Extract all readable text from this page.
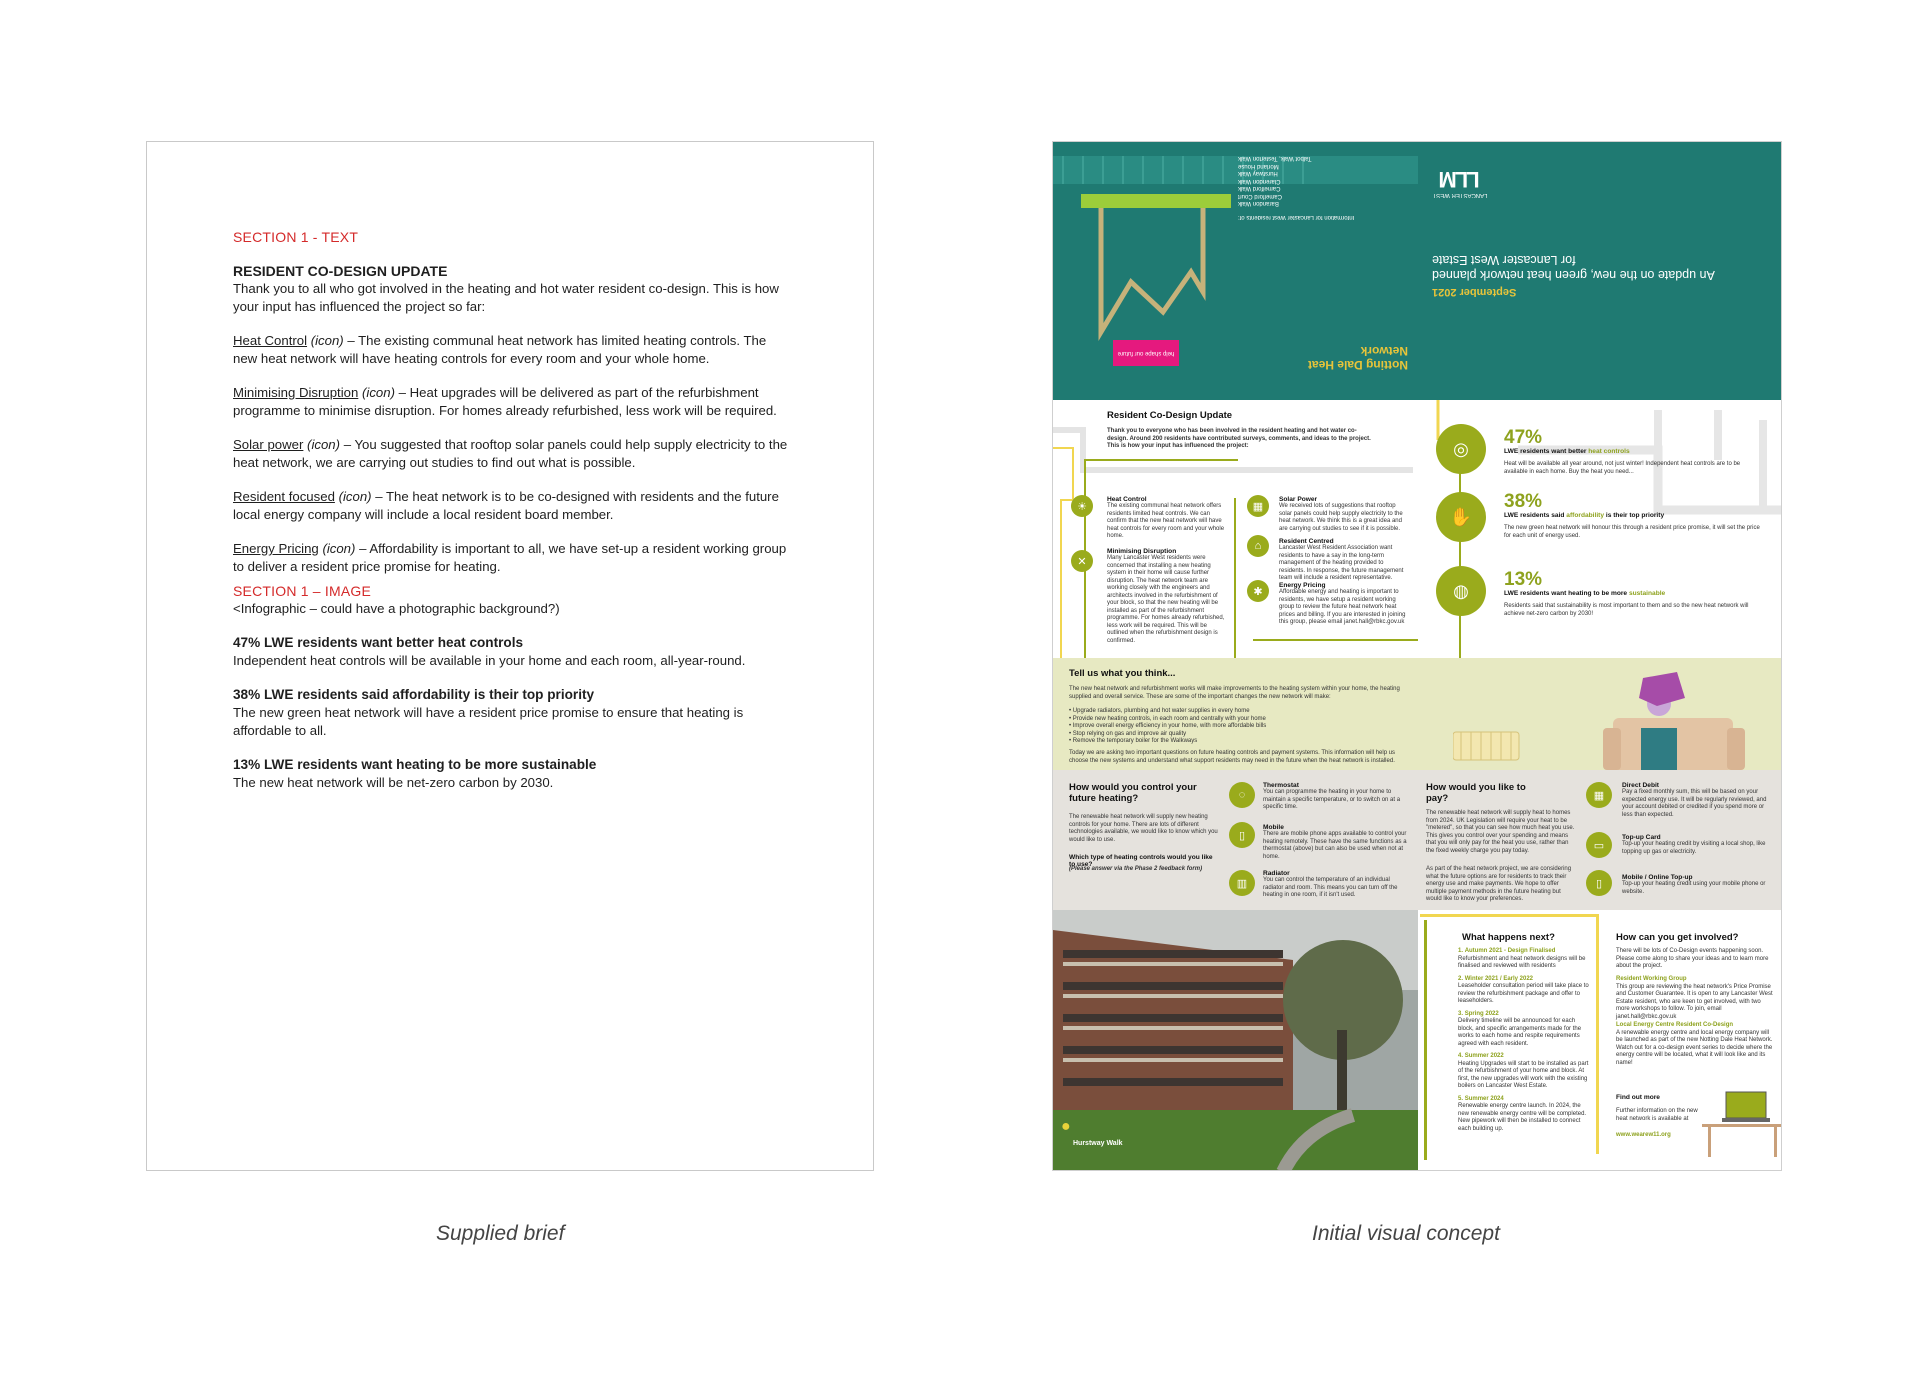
SECTION 1 - TEXT
RESIDENT CO-DESIGN UPDATE
Thank you to all who got involved in the heating and hot water resident co-design. This is how your input has influenced the project so far:
Heat Control (icon) – The existing communal heat network has limited heating controls. The new heat network will have heating controls for every room and your whole home.
Minimising Disruption (icon) – Heat upgrades will be delivered as part of the refurbishment programme to minimise disruption. For homes already refurbished, less work will be required.
Solar power (icon) – You suggested that rooftop solar panels could help supply electricity to the heat network, we are carrying out studies to find out what is possible.
Resident focused (icon) – The heat network is to be co-designed with residents and the future local energy company will include a local resident board member.
Energy Pricing (icon) – Affordability is important to all, we have set-up a resident working group to deliver a resident price promise for heating.
SECTION 1 – IMAGE
<Infographic – could have a photographic background?)
47% LWE residents want better heat controls
Independent heat controls will be available in your home and each room, all-year-round.
38% LWE residents said affordability is their top priority
The new green heat network will have a resident price promise to ensure that heating is affordable to all.
13% LWE residents want heating to be more sustainable
The new heat network will be net-zero carbon by 2030.
Information for Lancaster West residents of:
Barandon Walk
Camelford Court
Camelford Walk
Clarendon Walk
Hurstway Walk
Morland House
Talbot Walk, Testerton Walk
Notting Dale Heat Network
help shape our future
September 2021
An update on the new, green heat network planned for Lancaster West Estate
LANCASTER WEST
LLM
Resident Co-Design Update
Thank you to everyone who has been involved in the resident heating and hot water co-design. Around 200 residents have contributed surveys, comments, and ideas to the project. This is how your input has influenced the project:
☀
Heat Control
The existing communal heat network offers residents limited heat controls. We can confirm that the new heat network will have heat controls for every room and your whole home.
✕
Minimising Disruption
Many Lancaster West residents were concerned that installing a new heating system in their home will cause further disruption. The heat network team are working closely with the engineers and architects involved in the refurbishment of your block, so that the new heating will be installed as part of the refurbishment programme. For homes already refurbished, less work will be required. This will be outlined when the refurbishment design is confirmed.
▦
Solar Power
We received lots of suggestions that rooftop solar panels could help supply electricity to the heat network. We think this is a great idea and are carrying out studies to see if it is possible.
⌂	Resident Centred
Lancaster West Resident Association want residents to have a say in the long-term management of the heating provided to residents. In response, the future management team will include a resident representative.
✱	Energy Pricing
Affordable energy and heating is important to residents, we have setup a resident working group to review the future heat network heat prices and billing. If you are interested in joining this group, please email janet.hall@rbkc.gov.uk
◎
47%
LWE residents want better heat controls
Heat will be available all year around, not just winter! Independent heat controls are to be available in each home. Buy the heat you need...
✋
38%
LWE residents said affordability is their top priority
The new green heat network will honour this through a resident price promise, it will set the price for each unit of energy used.
◍
13%
LWE residents want heating to be more sustainable
Residents said that sustainability is most important to them and so the new heat network will achieve net-zero carbon by 2030!
Tell us what you think...
The new heat network and refurbishment works will make improvements to the heating system within your home, the heating supplied and overall service. These are some of the important changes the new network will make:
• Upgrade radiators, plumbing and hot water supplies in every home
• Provide new heating controls, in each room and centrally with your home
• Improve overall energy efficiency in your home, with more affordable bills
• Stop relying on gas and improve air quality
• Remove the temporary boiler for the Walkways
Today we are asking two important questions on future heating controls and payment systems. This information will help us choose the new systems and understand what support residents may need in the future when the heat network is installed.
How would you control your future heating?
The renewable heat network will supply new heating controls for your home. There are lots of different technologies available, we would like to know which you would like to use.
Which type of heating controls would you like to use?
(Please answer via the Phase 2 feedback form)
◌
Thermostat
You can programme the heating in your home to maintain a specific temperature, or to switch on at a specific time.
▯
Mobile
There are mobile phone apps available to control your heating remotely. These have the same functions as a thermostat (above) but can also be used when not at home.
▥
Radiator
You can control the temperature of an individual radiator and room. This means you can turn off the heating in one room, if it isn't used.
How would you like to pay?
The renewable heat network will supply heat to homes from 2024. UK Legislation will require your heat to be "metered", so that you can see how much heat you use. This gives you control over your spending and means that you will only pay for the heat you use, rather than the fixed weekly charge you pay today.
As part of the heat network project, we are considering what the future options are for residents to track their energy use and make payments. We hope to offer multiple payment methods in the future heating but would like to know your preferences.
▦
Direct Debit
Pay a fixed monthly sum, this will be based on your expected energy use. It will be regularly reviewed, and your account debited or credited if you spend more or less than expected.
▭
Top-up Card
Top-up your heating credit by visiting a local shop, like topping up gas or electricity.
▯	Mobile / Online Top-up
Top-up your heating credit using your mobile phone or website.
●
Hurstway Walk
What happens next?
1. Autumn 2021 - Design Finalised
Refurbishment and heat network designs will be finalised and reviewed with residents
2. Winter 2021 / Early 2022
Leaseholder consultation period will take place to review the refurbishment package and offer to leaseholders.
3. Spring 2022
Delivery timeline will be announced for each block, and specific arrangements made for the works to each home and respite requirements agreed with each resident.
4. Summer 2022
Heating Upgrades will start to be installed as part of the refurbishment of your home and block. At first, the new upgrades will work with the existing boilers on Lancaster West Estate.
5. Summer 2024
Renewable energy centre launch. In 2024, the new renewable energy centre will be completed. New pipework will then be installed to connect each building up.
How can you get involved?
There will be lots of Co-Design events happening soon. Please come along to share your ideas and to learn more about the project.
Resident Working Group
This group are reviewing the heat network's Price Promise and Customer Guarantee. It is open to any Lancaster West Estate resident, who are keen to get involved, with two more workshops to follow. To join, email janet.hall@rbkc.gov.uk
Local Energy Centre Resident Co-Design
A renewable energy centre and local energy company will be launched as part of the new Notting Dale Heat Network. Watch out for a co-design event series to decide where the energy centre will be located, what it will look like and its name!
Find out more
Further information on the new heat network is available at
www.wearew11.org
Supplied brief	Initial visual concept
